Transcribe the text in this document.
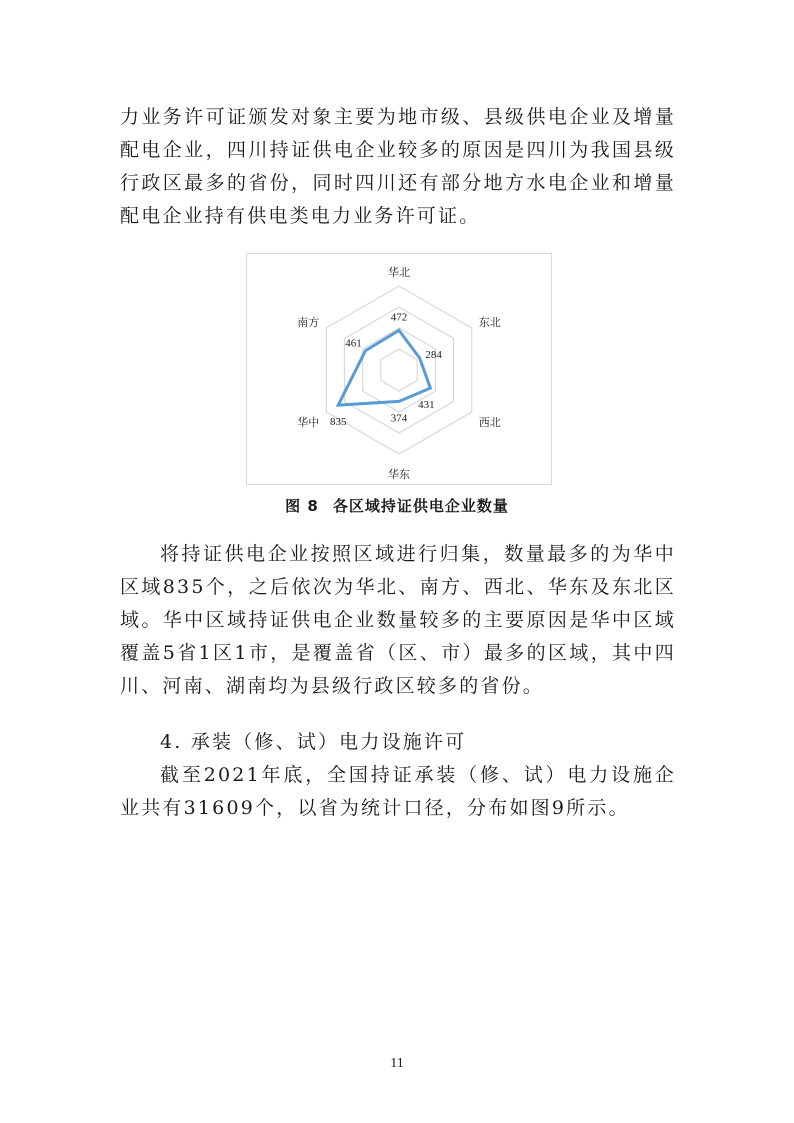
力业务许可证颁发对象主要为地市级、县级供电企业及增量配电企业，四川持证供电企业较多的原因是四川为我国县级行政区最多的省份，同时四川还有部分地方水电企业和增量配电企业持有供电类电力业务许可证。

华北
东北
西北
华东
华中
南方	472
284
431
374
835
461
图 8 各区域持证供电企业数量

将持证供电企业按照区域进行归集，数量最多的为华中区域835个，之后依次为华北、南方、西北、华东及东北区域。华中区域持证供电企业数量较多的主要原因是华中区域覆盖5省1区1市，是覆盖省（区、市）最多的区域，其中四川、河南、湖南均为县级行政区较多的省份。

4. 承装（修、试）电力设施许可

截至2021年底，全国持证承装（修、试）电力设施企业共有31609个，以省为统计口径，分布如图9所示。

11
